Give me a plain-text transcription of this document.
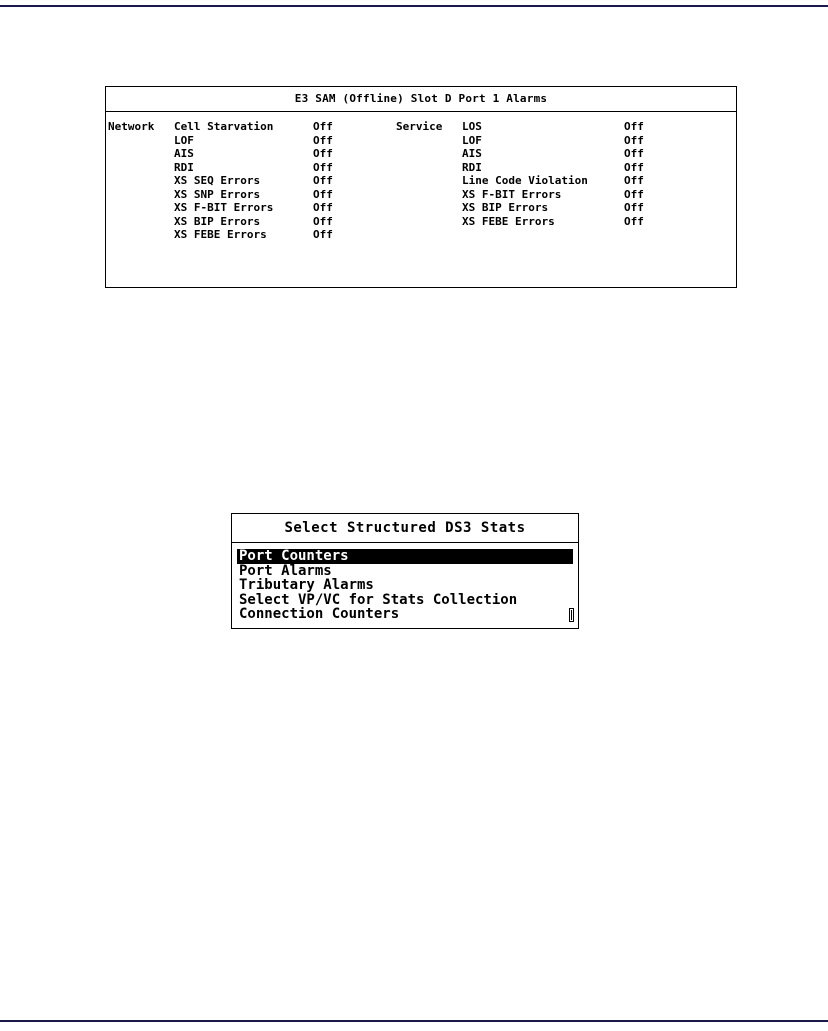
E3 SAM (Offline) Slot D Port 1 Alarms
Network Cell Starvation	Off
LOF	Off
AIS	Off
RDI	Off
XS SEQ Errors	Off
XS SNP Errors	Off
XS F-BIT Errors	Off
XS BIP Errors	Off
XS FEBE Errors	Off
Service LOS	Off
LOF	Off
AIS	Off
RDI	Off
Line Code Violation	Off
XS F-BIT Errors	Off
XS BIP Errors	Off
XS FEBE Errors	Off
Select Structured DS3 Stats
Port Counters
Port Alarms
Tributary Alarms
Select VP/VC for Stats Collection
Connection Counters
